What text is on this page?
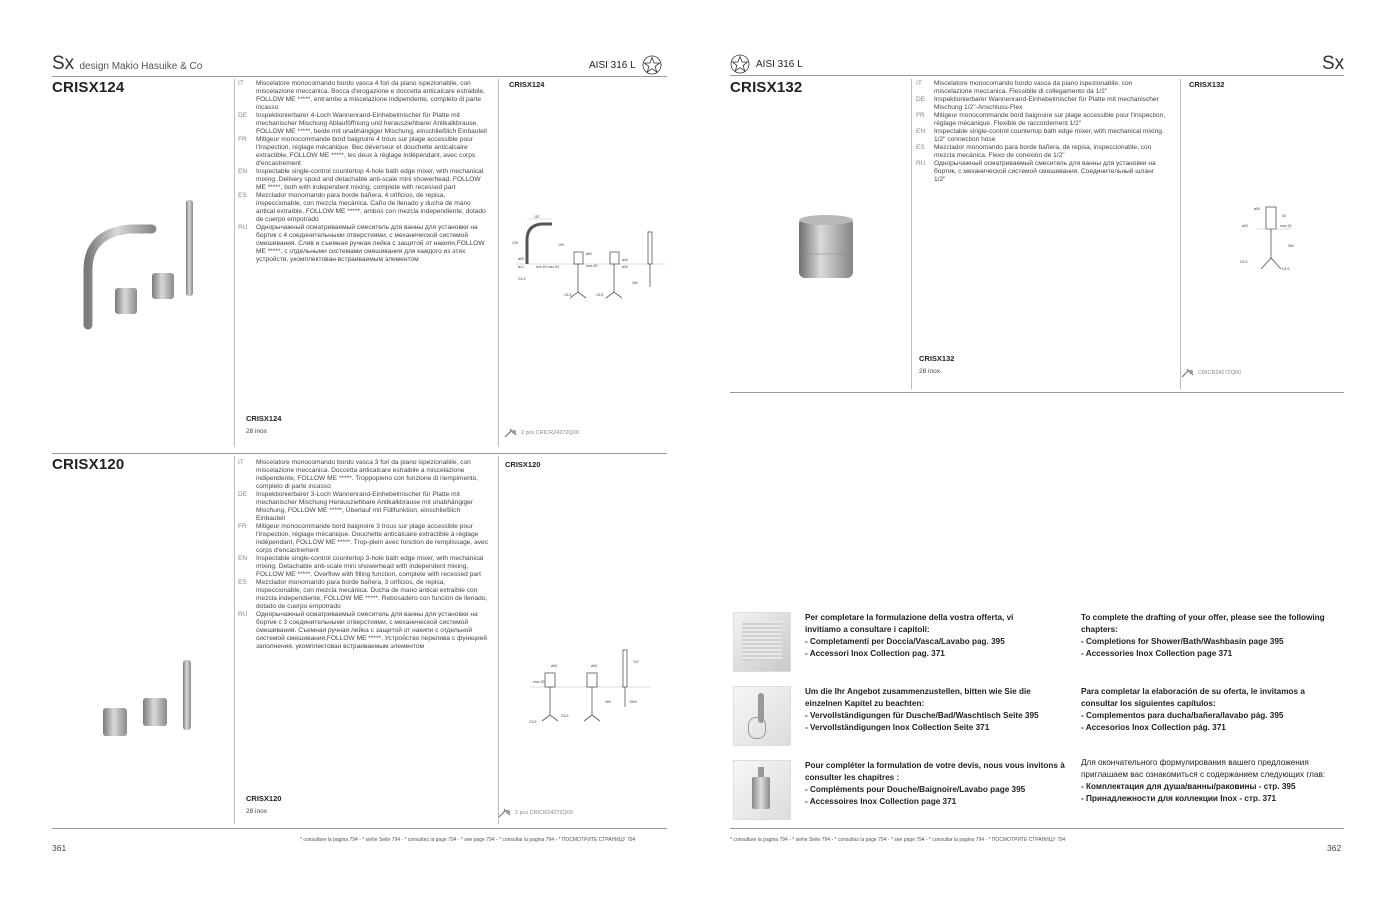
Sx design Makio Hasuike & Co	AISI 316 L
CRISX124	IT	Miscelatore monocomando bordo vasca 4 fori da piano ispezionabile, con miscelazione meccanica. Bocca d'erogazione e doccetta anticalcare estraibile, FOLLOW ME *****, entrambe a miscelazione indipendente, completo di parte incasso
DE	Inspektionierbarer 4-Loch Wannenrand-Einhebelmischer für Platte mit mechanischer Mischung Ablauföffnung und herausziehbarer Antikalkbrause, FOLLOW ME *****, beide mit unabhängiger Mischung, einschließlich Einbauteil
FR	Mitigeur monocommande bord baignoire 4 trous sur plage accessible pour l'inspection, réglage mécanique. Bec déverseur et douchette anticalcaire extractible, FOLLOW ME *****, les deux à réglage indépendant, avec corps d'encastrement
EN	Inspectable single-control countertop 4-hole bath edge mixer, with mechanical mixing. Delivery spout and detachable anti-scale mini showerhead, FOLLOW ME *****, both with independent mixing, complete with recessed part
ES	Mezclador monomando para borde bañera, 4 orificios, de repisa, inspeccionable, con mezcla mecánica. Caño de llenado y ducha de mano antical extraíble, FOLLOW ME *****, ambos con mezcla independiente, dotado de cuerpo empotrado
RU	Однорычажный осматриваемый смеситель для ванны для установки на бортик с 4 соединительными отверстиями, с механической системой смешивания. Слив и съемная ручная лейка с защитой от накипи,FOLLOW ME *****, с отдельными системами смешивания для каждого из этих устройств, укомплектован встраиваемым элементом
CRISX124
28 inox
CRISX124
157
226	150
ø50
ø41	min.15 max.63
G1/2
ø50
max.30
ø40
ø30
360
G1/2	G1/2
2 pcs CRICR24272Q00
CRISX120	IT	Miscelatore monocomando bordo vasca 3 fori da piano ispezionabile, con miscelazione meccanica. Doccetta anticalcare estraibile a miscelazione indipendente, FOLLOW ME *****. Troppopieno con funzione di riempimento, completo di parte incasso
DE	Inspektionierbarer 3-Loch Wannenrand-Einhebelmischer für Platte mit mechanischer Mischung Herausziehbare Antikalkbrause mit unabhängiger Mischung, FOLLOW ME *****, Überlauf mit Füllfunktion, einschließlich Einbauteil
FR	Mitigeur monocommande bord baignoire 3 trous sur plage accessible pour l'inspection, réglage mécanique. Douchette anticalcaire extractible à réglage indépendant, FOLLOW ME *****. Trop-plein avec fonction de remplissage, avec corps d'encastrement
EN	Inspectable single-control countertop 3-hole bath edge mixer, with mechanical mixing. Detachable anti-scale mini showerhead with independent mixing, FOLLOW ME *****. Overflow with filling function, complete with recessed part
ES	Mezclador monomando para borde bañera, 3 orificios, de repisa, inspeccionable, con mezcla mecánica. Ducha de mano antical extraíble con mezcla independiente, FOLLOW ME *****. Rebosadero con función de llenado, dotado de cuerpo empotrado
RU	Однорычажный осматриваемый смеситель для ванны для установки на бортик с 3 соединительными отверстиями, с механической системой смешивания. Съемная ручная лейка с защитой от накипи с отдельной системой смешивания,FOLLOW ME *****. Устройство перелива с функцией заполнения, укомплектован встраиваемым элементом
CRISX120
28 inox
CRISX120
ø50	ø50
max.30
360
G1/2
G1/2
147
1500
2 pcs CRICR24272Q00
* consultare la pagina 794 - * siehe Seite 794 - * consultez la page 794 - * see page 794 - * consultar la pagina 794 - * ПОСМОТРИТЕ СТРАНИЦУ 794
361
AISI 316 L	Sx
CRISX132	IT	Miscelatore monocomando bordo vasca da piano ispezionabile, con miscelazione meccanica. Flessibile di collegamento da 1/2"
DE	Inspektionierbarer Wannenrand-Einhebelmischer für Platte mit mechanischer Mischung 1/2"-Anschluss-Flex
FR	Mitigeur monocommande bord baignoire sur plage accessible pour l'inspection, réglage mécanique. Flexible de raccordement 1/2"
EN	Inspectable single-control countertop bath edge mixer, with mechanical mixing. 1/2" connection hose
ES	Mezclador monomando para borde bañera, de repisa, inspeccionable, con mezcla mecánica. Flexo de conexión de 1/2"
RU	Однорычажный осматриваемый смеситель для ванны для установки на бортик, с механической системой смешивания. Соединительный шланг 1/2"
CRISX132
28 inox
CRISX132
ø50
ø42
53
max.30
360
G1/2
G1/2
CRICR24272Q00
Per completare la formulazione della vostra offerta, vi invitiamo a consultare i capitoli:
- Completamenti per Doccia/Vasca/Lavabo pag. 395
- Accessori Inox Collection pag. 371
To complete the drafting of your offer, please see the following chapters:
- Completions for Shower/Bath/Washbasin page 395
- Accessories Inox Collection page 371
Um die Ihr Angebot zusammenzustellen, bitten wie Sie die einzelnen Kapitel zu beachten:
- Vervollständigungen für Dusche/Bad/Waschtisch Seite 395
- Vervollständigungen Inox Collection Seite 371
Para completar la elaboración de su oferta, le invitamos a consultar los siguientes capítulos:
- Complementos para ducha/bañera/lavabo pág. 395
- Accesorios Inox Collection pág. 371
Pour compléter la formulation de votre devis, nous vous invitons à consulter les chapitres :
- Compléments pour Douche/Baignoire/Lavabo page 395
- Accessoires Inox Collection page 371
Для окончательного формулирования вашего предложения приглашаем вас ознакомиться с содержанием следующих глав:
- Комплектация для душа/ванны/раковины - стр. 395
- Принадлежности для коллекции Inox - стр. 371
* consultare la pagina 794 - * siehe Seite 794 - * consultez la page 794 - * see page 794 - * consultar la pagina 794 - * ПОСМОТРИТЕ СТРАНИЦУ 794
362
